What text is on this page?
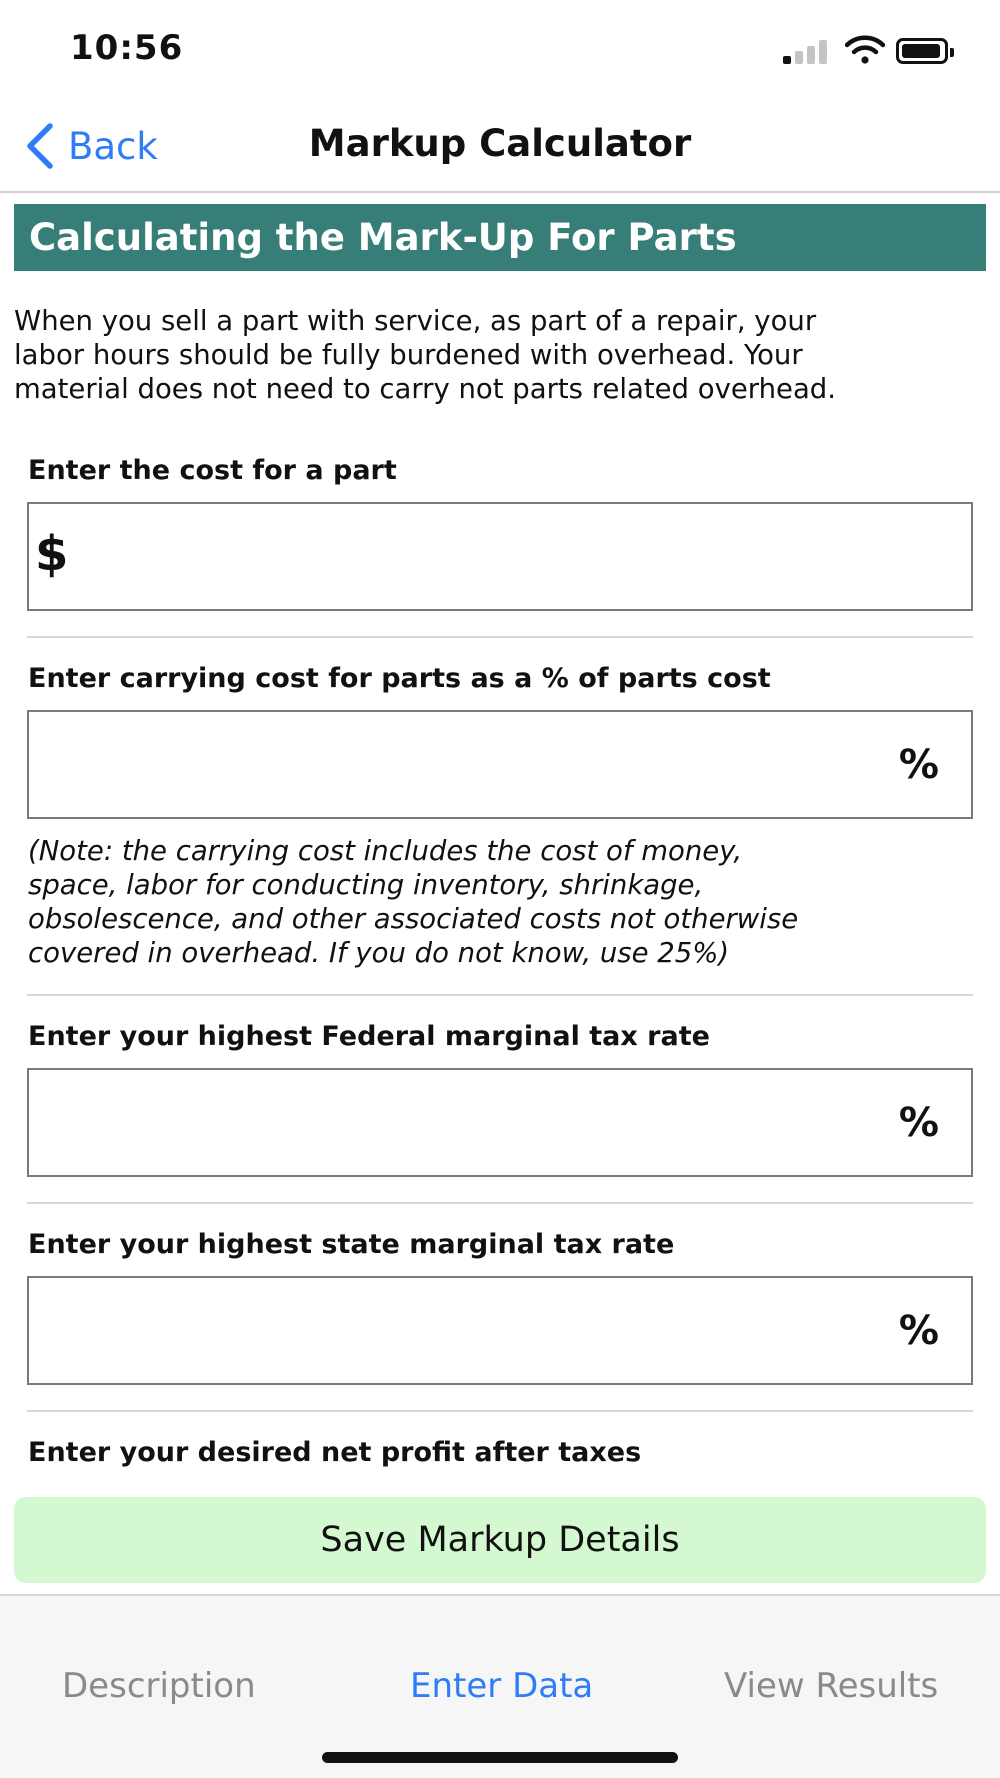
10:56
Back	Markup Calculator
Calculating the Mark-Up For Parts
When you sell a part with service, as part of a repair, your
labor hours should be fully burdened with overhead. Your
material does not need to carry not parts related overhead.
Enter the cost for a part
$
Enter carrying cost for parts as a % of parts cost
%
(Note: the carrying cost includes the cost of money,
space, labor for conducting inventory, shrinkage,
obsolescence, and other associated costs not otherwise
covered in overhead. If you do not know, use 25%)
Enter your highest Federal marginal tax rate
%
Enter your highest state marginal tax rate
%
Enter your desired net profit after taxes
Save Markup Details
Description	Enter Data	View Results
